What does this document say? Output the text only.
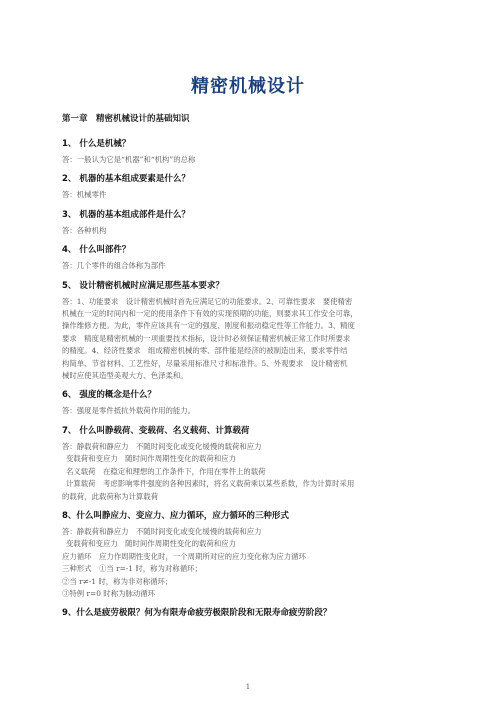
精密机械设计
第一章　精密机械设计的基础知识
1、 什么是机械？

答：一般认为它是“机器”和“机构”的总称

2、 机器的基本组成要素是什么？

答：机械零件

3、 机器的基本组成部件是什么？

答：各种机构

4、 什么叫部件？

答：几个零件的组合体称为部件

5、 设计精密机械时应满足那些基本要求？

答：1、功能要求　设计精密机械时首先应满足它的功能要求。2、可靠性要求　要使精密

机械在一定的时间内和一定的使用条件下有效的实现预期的功能，则要求其工作安全可靠，

操作维修方便。为此，零件应该具有一定的强度、刚度和振动稳定性等工作能力。3、精度

要求　精度是精密机械的一项重要技术指标，设计时必须保证精密机械正常工作时所要求

的精度。4、经济性要求　组成精密机械的零、部件能是经济的被制造出来，要求零件结

构简单、节省材料、工艺性好，尽量采用标准尺寸和标准件。5、外观要求　设计精密机

械时应使其造型美观大方、色泽柔和。

6、 强度的概念是什么？

答：强度是零件抵抗外载荷作用的能力。

7、 什么叫静载荷、变载荷、名义载荷、计算载荷

答：静载荷和静应力　不随时间变化或变化缓慢的载荷和应力

变载荷和变应力　随时间作周期性变化的载荷和应力

名义载荷　在稳定和理想的工作条件下，作用在零件上的载荷

计算载荷　考虑影响零件强度的各种因素时，将名义载荷乘以某些系数，作为计算时采用

的载荷，此载荷称为计算载荷

8、什么叫静应力、变应力、应力循环，应力循环的三种形式

答：静载荷和静应力　不随时间变化或变化缓慢的载荷和应力

变载荷和变应力　随时间作周期性变化的载荷和应力

应力循环　应力作周期性变化时，一个周期所对应的应力变化称为应力循环

三种形式　①当 r=-1 时，称为对称循环；

②当 r≠-1 时，称为非对称循环；

③特例 r=0 时称为脉动循环

9、什么是疲劳极限？何为有限寿命疲劳极限阶段和无限寿命疲劳阶段？
1
